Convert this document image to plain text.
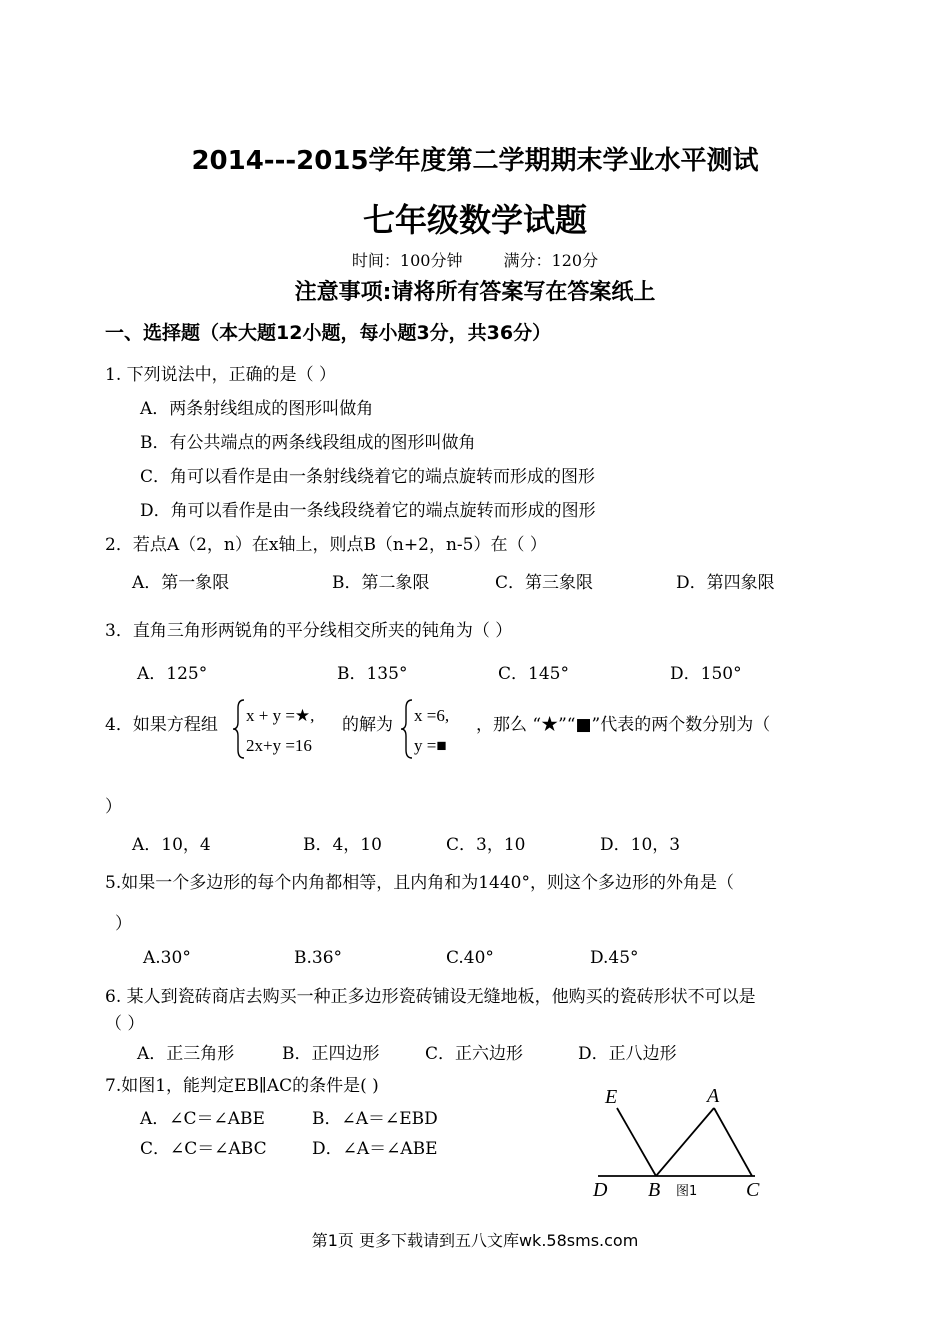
2014---2015学年度第二学期期末学业水平测试
七年级数学试题
时间：100分钟	满分：120分
注意事项:请将所有答案写在答案纸上
一、选择题（本大题12小题，每小题3分，共36分）
1. 下列说法中，正确的是（ ）
A．两条射线组成的图形叫做角
B．有公共端点的两条线段组成的图形叫做角
C．角可以看作是由一条射线绕着它的端点旋转而形成的图形
D．角可以看作是由一条线段绕着它的端点旋转而形成的图形
2．若点A（2，n）在x轴上，则点B（n+2，n-5）在（ ）
A．第一象限	B．第二象限	C．第三象限	D．第四象限
3．直角三角形两锐角的平分线相交所夹的钝角为（ ）
A．125°	B．135°	C．145°	D．150°
4．如果方程组 x + y =★,
2x+y =16
的解为 x =6,
y =■
，那么 “★”“■”代表的两个数分别为（
）
A．10，4	B．4，10	C．3，10	D．10，3
5.如果一个多边形的每个内角都相等，且内角和为1440°，则这个多边形的外角是（
）
A.30°	B.36°	C.40°	D.45°
6. 某人到瓷砖商店去购买一种正多边形瓷砖铺设无缝地板，他购买的瓷砖形状不可以是
（ ）
A．正三角形	B．正四边形	C．正六边形	D．正八边形
7.如图1，能判定EB∥AC的条件是( )
A．∠C＝∠ABE	B．∠A＝∠EBD
C．∠C＝∠ABC	D．∠A＝∠ABE
E	A
D B	C
图1
第1页 更多下载请到五八文库wk.58sms.com
